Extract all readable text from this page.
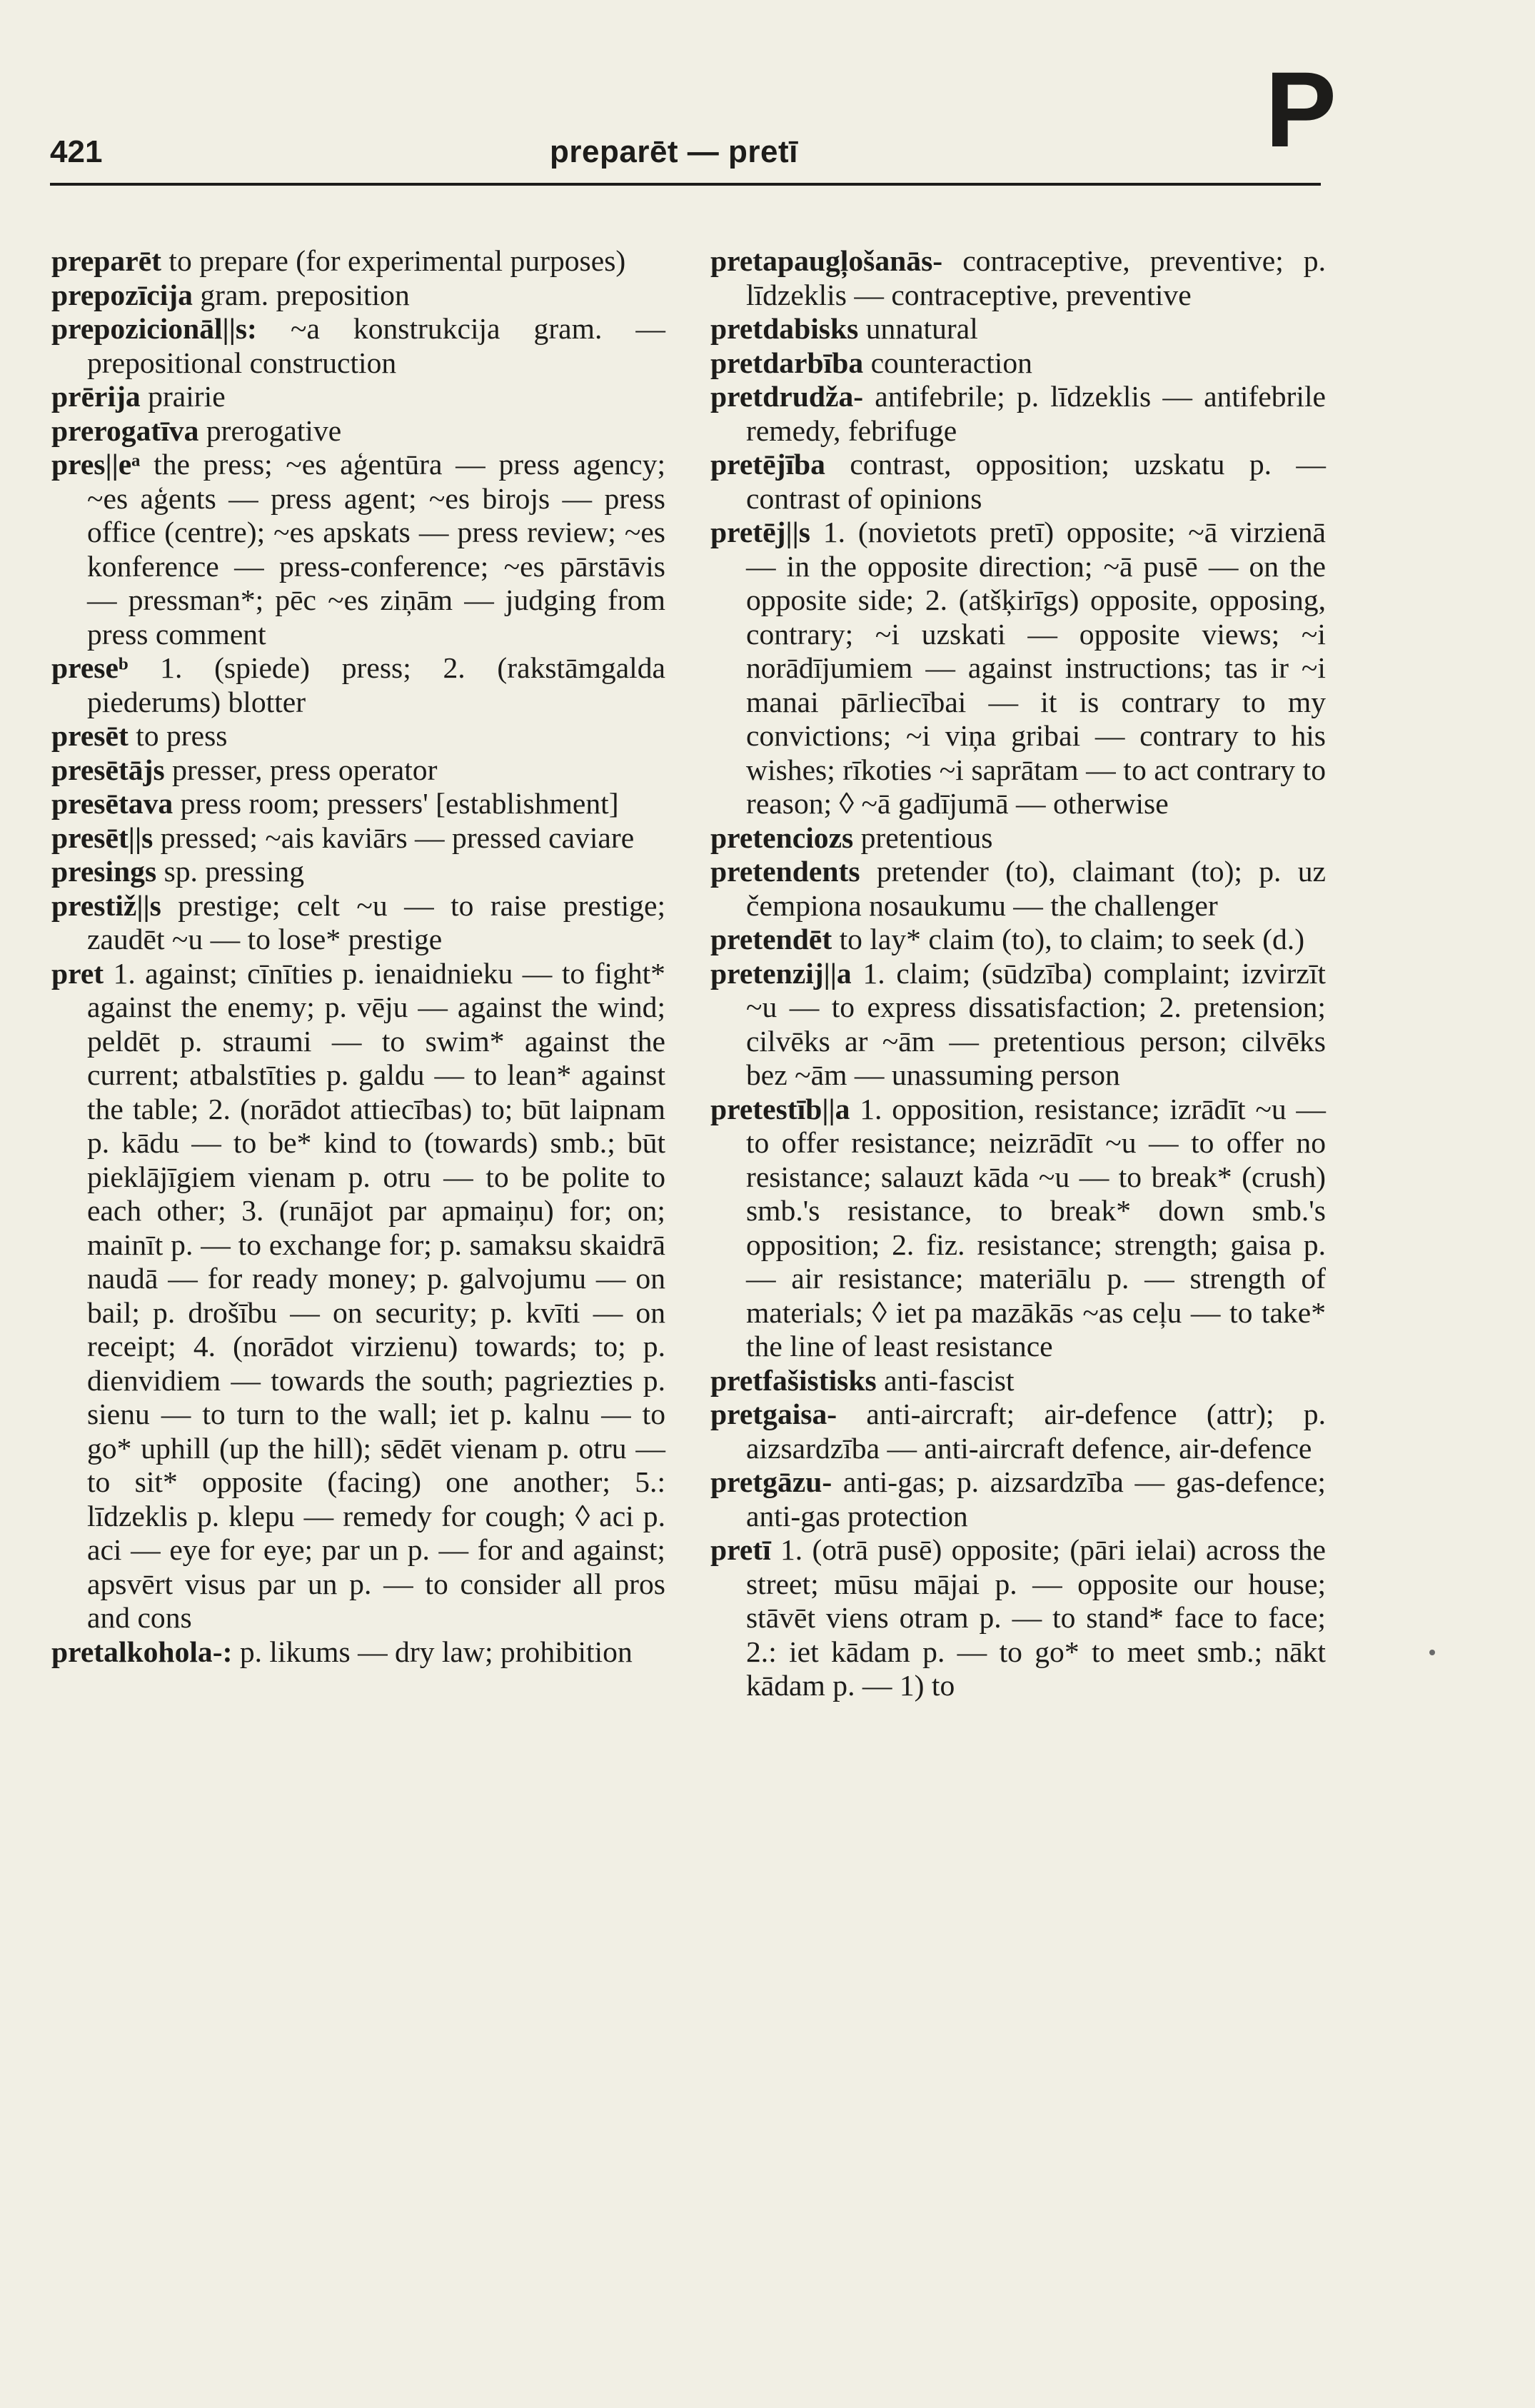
421	preparēt — pretī	P

preparēt to prepare (for experimental purposes)

prepozīcija gram. preposition

prepozicionāl||s: ~a konstrukcija gram. — prepositional construction

prērija prairie

prerogatīva prerogative

pres||eᵃ the press; ~es aģentūra — press agency; ~es aģents — press agent; ~es birojs — press office (centre); ~es apskats — press review; ~es konference — press-conference; ~es pārstāvis — pressman*; pēc ~es ziņām — judging from press comment

preseᵇ 1. (spiede) press; 2. (rakstāmgalda piederums) blotter

presēt to press

presētājs presser, press operator

presētava press room; pressers' [establishment]

presēt||s pressed; ~ais kaviārs — pressed caviare

presings sp. pressing

prestiž||s prestige; celt ~u — to raise prestige; zaudēt ~u — to lose* prestige

pret 1. against; cīnīties p. ienaidnieku — to fight* against the enemy; p. vēju — against the wind; peldēt p. straumi — to swim* against the current; atbalstīties p. galdu — to lean* against the table; 2. (norādot attiecības) to; būt laipnam p. kādu — to be* kind to (towards) smb.; būt pieklājīgiem vienam p. otru — to be polite to each other; 3. (runājot par apmaiņu) for; on; mainīt p. — to exchange for; p. samaksu skaidrā naudā — for ready money; p. galvojumu — on bail; p. drošību — on security; p. kvīti — on receipt; 4. (norādot virzienu) towards; to; p. dienvidiem — towards the south; pagriezties p. sienu — to turn to the wall; iet p. kalnu — to go* uphill (up the hill); sēdēt vienam p. otru — to sit* opposite (facing) one another; 5.: līdzeklis p. klepu — remedy for cough; ◊ aci p. aci — eye for eye; par un p. — for and against; apsvērt visus par un p. — to consider all pros and cons

pretalkohola-: p. likums — dry law; prohibition

pretapaugļošanās- contraceptive, preventive; p. līdzeklis — contraceptive, preventive

pretdabisks unnatural

pretdarbība counteraction

pretdrudža- antifebrile; p. līdzeklis — antifebrile remedy, febrifuge

pretējība contrast, opposition; uzskatu p. — contrast of opinions

pretēj||s 1. (novietots pretī) opposite; ~ā virzienā — in the opposite direction; ~ā pusē — on the opposite side; 2. (atšķirīgs) opposite, opposing, contrary; ~i uzskati — opposite views; ~i norādījumiem — against instructions; tas ir ~i manai pārliecībai — it is contrary to my convictions; ~i viņa gribai — contrary to his wishes; rīkoties ~i saprātam — to act contrary to reason; ◊ ~ā gadījumā — otherwise

pretenciozs pretentious

pretendents pretender (to), claimant (to); p. uz čempiona nosaukumu — the challenger

pretendēt to lay* claim (to), to claim; to seek (d.)

pretenzij||a 1. claim; (sūdzība) complaint; izvirzīt ~u — to express dissatisfaction; 2. pretension; cilvēks ar ~ām — pretentious person; cilvēks bez ~ām — unassuming person

pretestīb||a 1. opposition, resistance; izrādīt ~u — to offer resistance; neizrādīt ~u — to offer no resistance; salauzt kāda ~u — to break* (crush) smb.'s resistance, to break* down smb.'s opposition; 2. fiz. resistance; strength; gaisa p. — air resistance; materiālu p. — strength of materials; ◊ iet pa mazākās ~as ceļu — to take* the line of least resistance

pretfašistisks anti-fascist

pretgaisa- anti-aircraft; air-defence (attr); p. aizsardzība — anti-aircraft defence, air-defence

pretgāzu- anti-gas; p. aizsardzība — gas-defence; anti-gas protection

pretī 1. (otrā pusē) opposite; (pāri ielai) across the street; mūsu mājai p. — opposite our house; stāvēt viens otram p. — to stand* face to face; 2.: iet kādam p. — to go* to meet smb.; nākt kādam p. — 1) to
